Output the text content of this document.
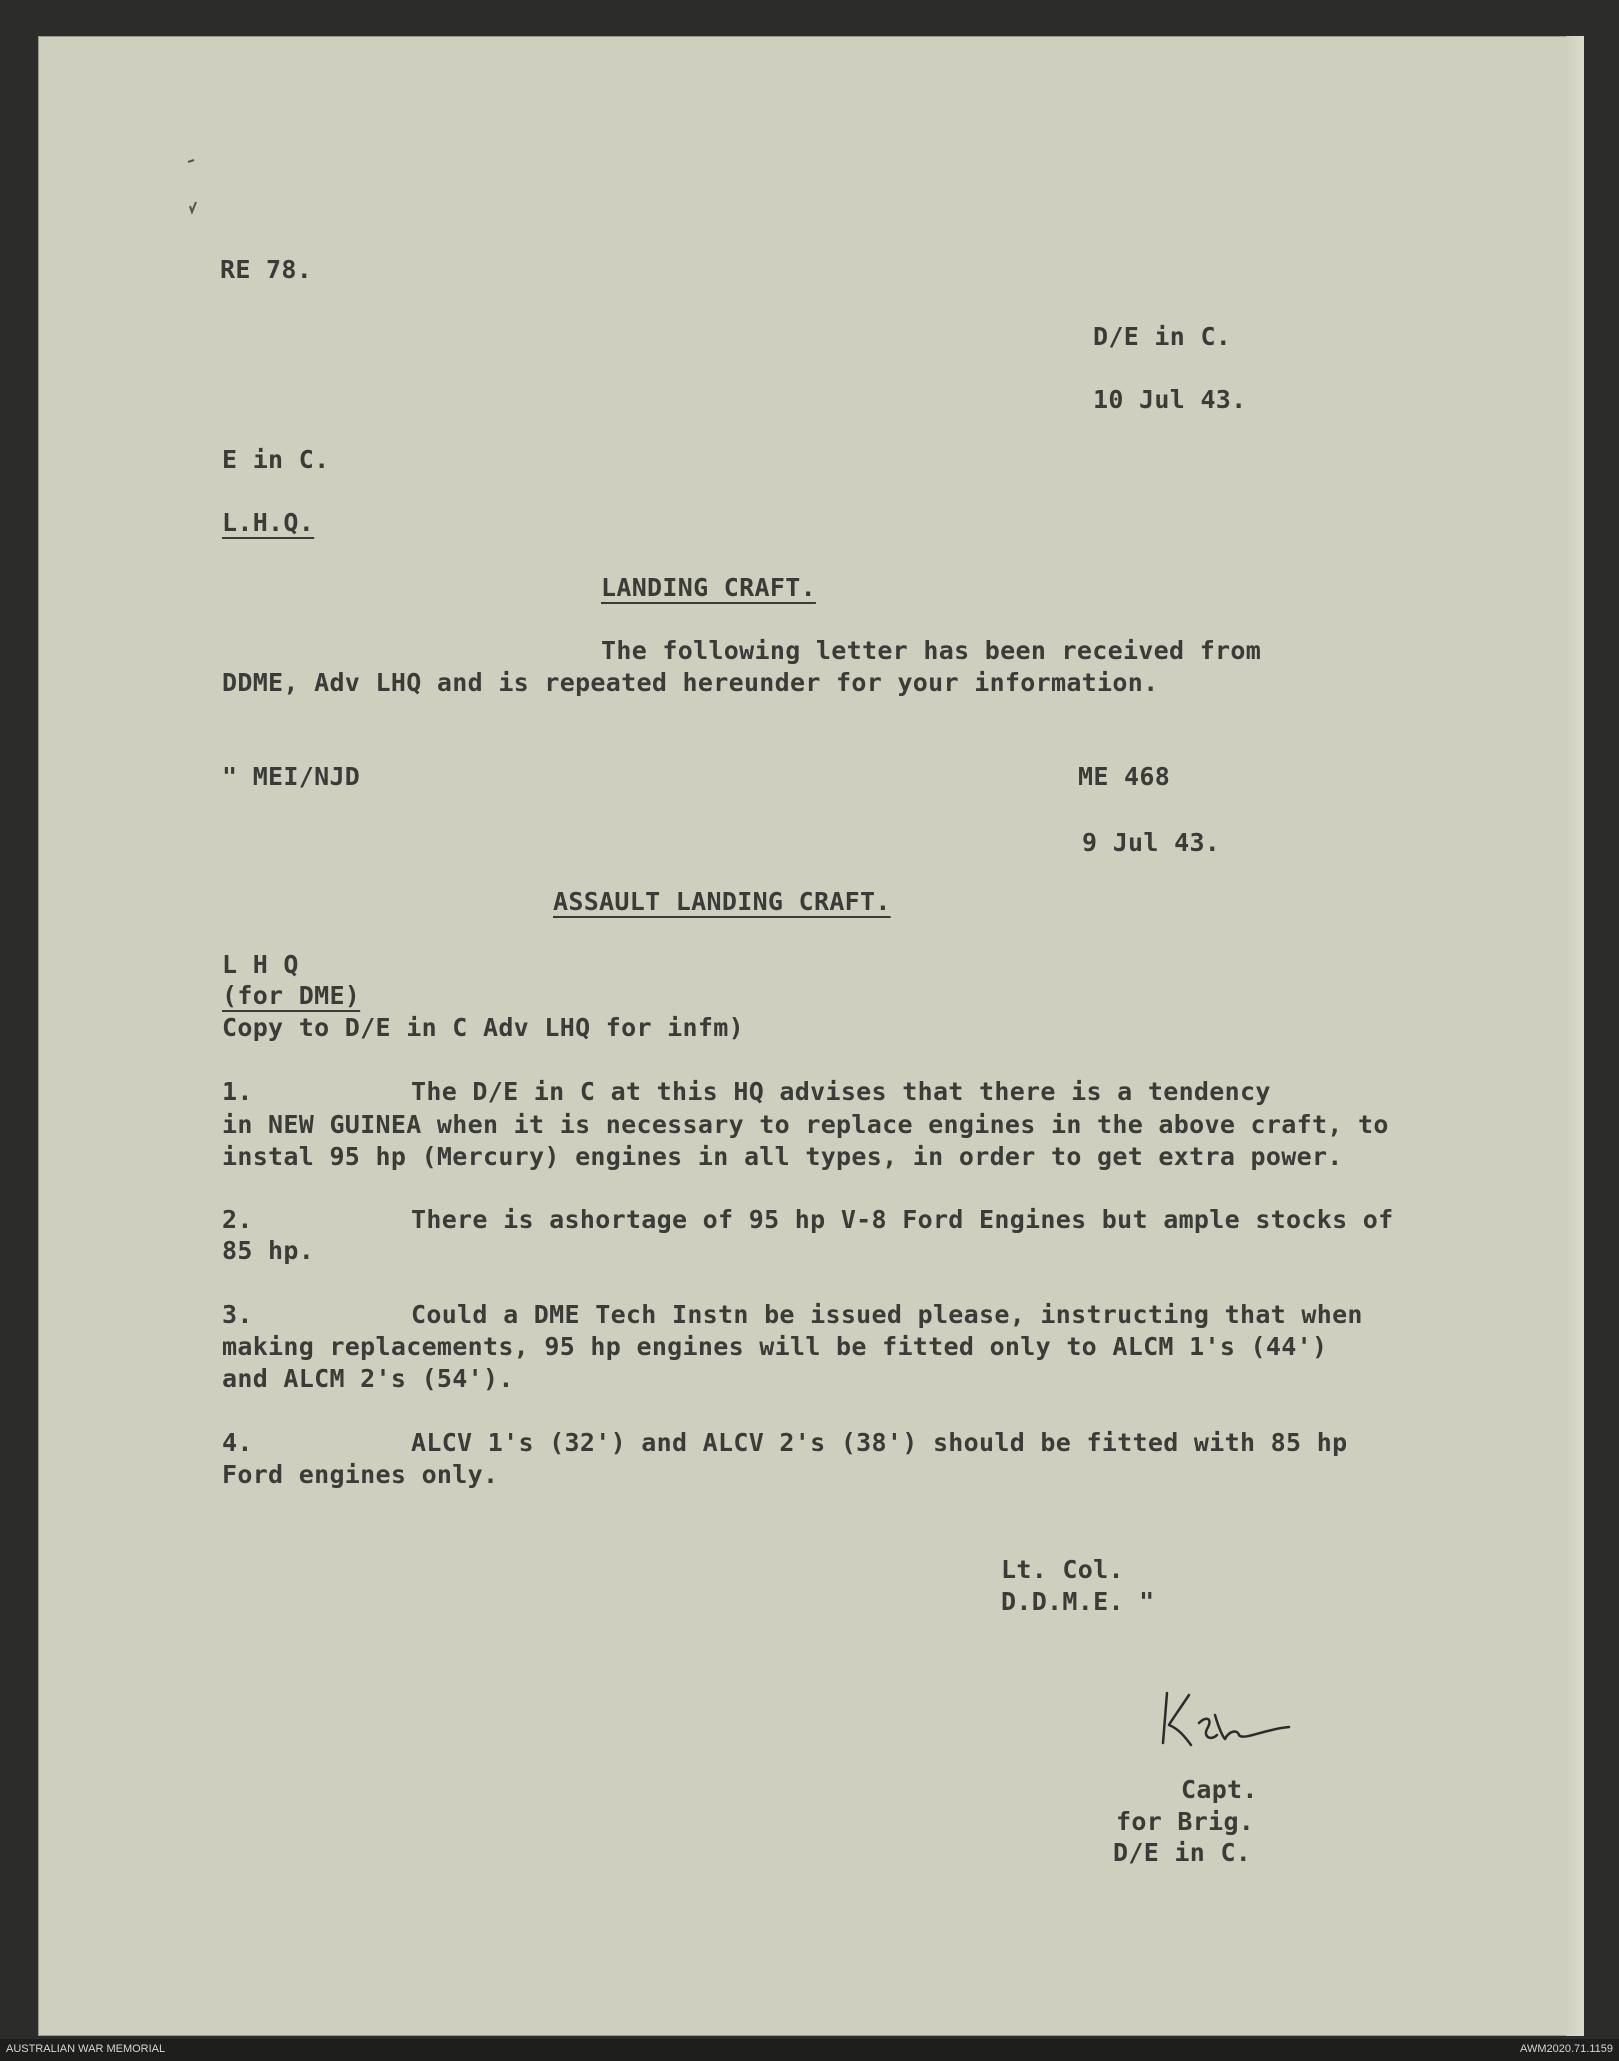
RE 78.

D/E in C.

10 Jul 43.

E in C.

L.H.Q.

LANDING CRAFT.

The following letter has been received from

DDME, Adv LHQ and is repeated hereunder for your information.

" MEI/NJD	ME 468

9 Jul 43.

ASSAULT LANDING CRAFT.

L H Q

(for DME)

Copy to D/E in C Adv LHQ for infm)

1.	The D/E in C at this HQ advises that there is a tendency

in NEW GUINEA when it is necessary to replace engines in the above craft, to

instal 95 hp (Mercury) engines in all types, in order to get extra power.

2.	There is ashortage of 95 hp V-8 Ford Engines but ample stocks of

85 hp.

3.	Could a DME Tech Instn be issued please, instructing that when

making replacements, 95 hp engines will be fitted only to ALCM 1's (44')

and ALCM 2's (54').

4.	ALCV 1's (32') and ALCV 2's (38') should be fitted with 85 hp

Ford engines only.

Lt. Col.

D.D.M.E. "

Capt.

for Brig.

D/E in C.

AUSTRALIAN WAR MEMORIAL	AWM2020.71.1159
